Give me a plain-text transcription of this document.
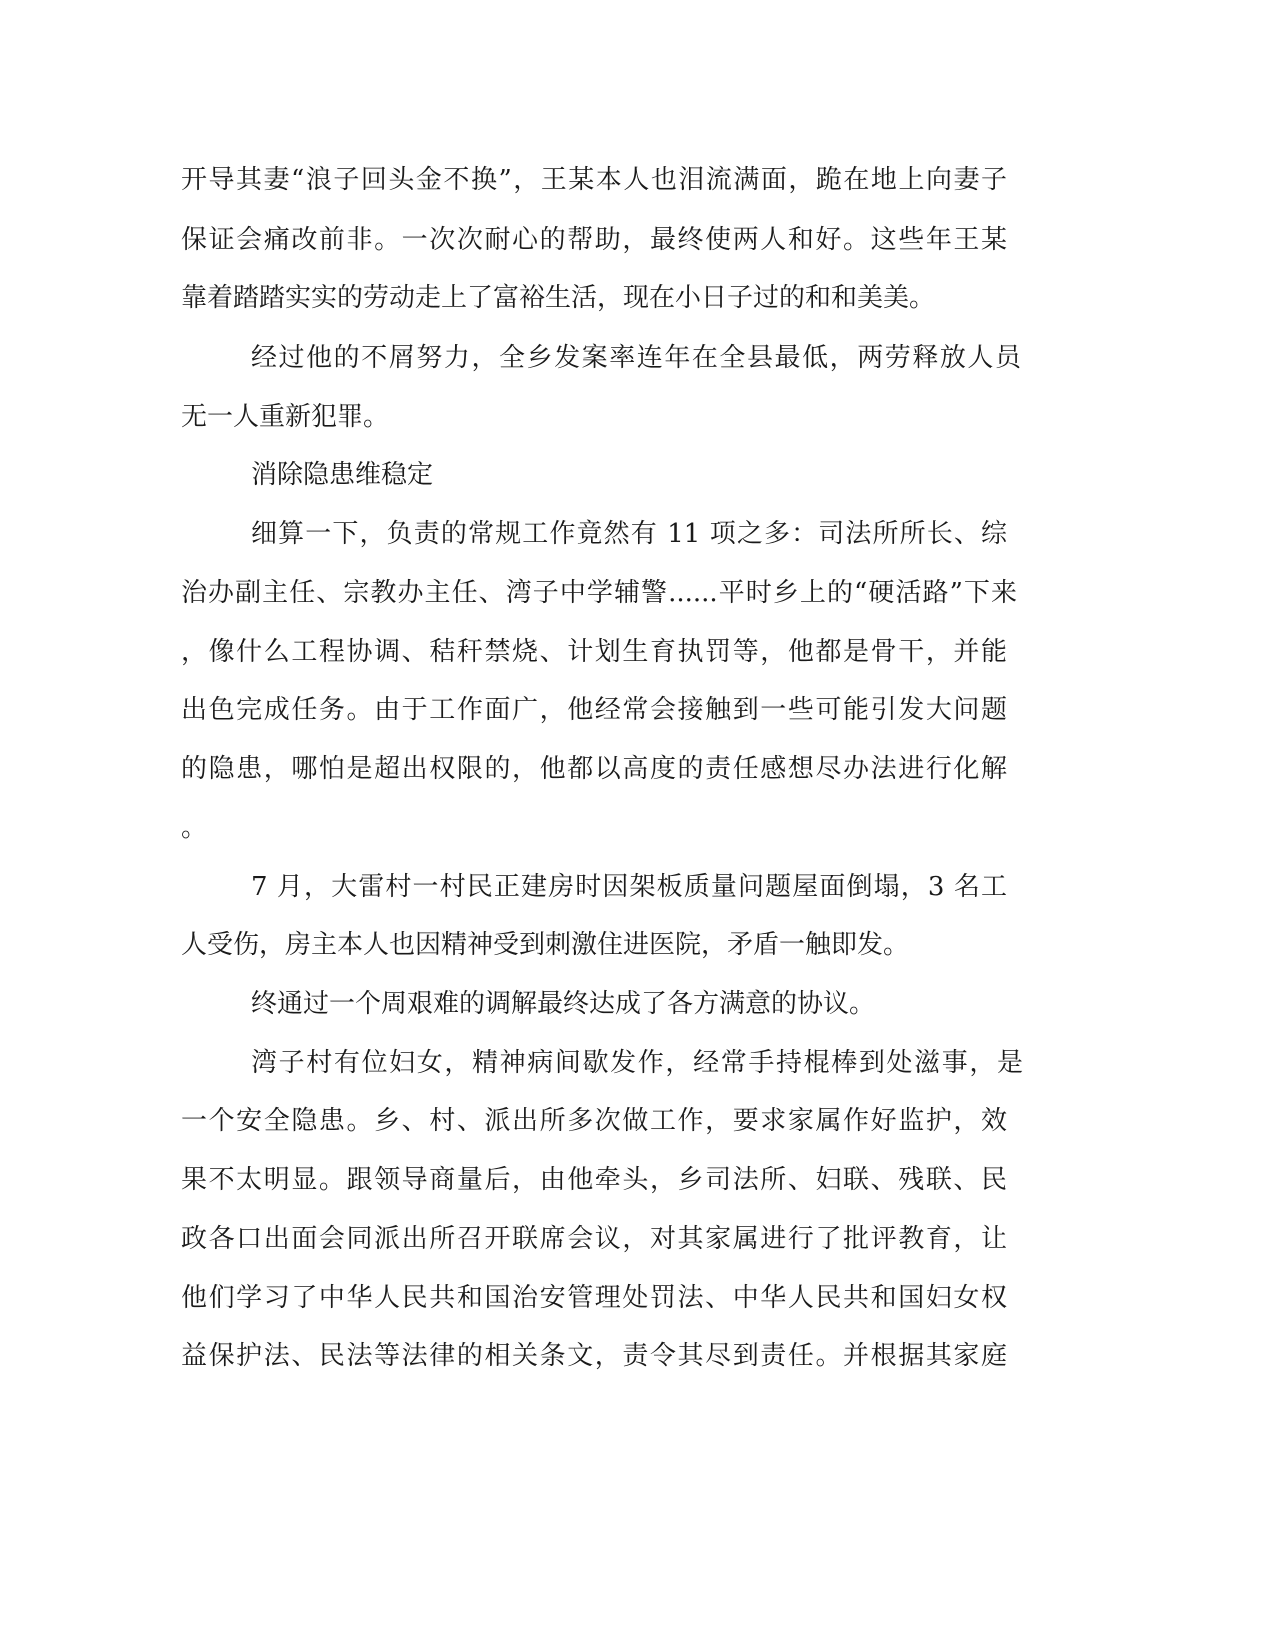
开导其妻“浪子回头金不换”，王某本人也泪流满面，跪在地上向妻子
保证会痛改前非。一次次耐心的帮助，最终使两人和好。这些年王某
靠着踏踏实实的劳动走上了富裕生活，现在小日子过的和和美美。
经过他的不屑努力，全乡发案率连年在全县最低，两劳释放人员
无一人重新犯罪。
消除隐患维稳定
细算一下，负责的常规工作竟然有 11 项之多：司法所所长、综
治办副主任、宗教办主任、湾子中学辅警......平时乡上的“硬活路”下来
，像什么工程协调、秸秆禁烧、计划生育执罚等，他都是骨干，并能
出色完成任务。由于工作面广，他经常会接触到一些可能引发大问题
的隐患，哪怕是超出权限的，他都以高度的责任感想尽办法进行化解
。
7 月，大雷村一村民正建房时因架板质量问题屋面倒塌，3 名工
人受伤，房主本人也因精神受到刺激住进医院，矛盾一触即发。
终通过一个周艰难的调解最终达成了各方满意的协议。
湾子村有位妇女，精神病间歇发作，经常手持棍棒到处滋事，是
一个安全隐患。乡、村、派出所多次做工作，要求家属作好监护，效
果不太明显。跟领导商量后，由他牵头，乡司法所、妇联、残联、民
政各口出面会同派出所召开联席会议，对其家属进行了批评教育，让
他们学习了中华人民共和国治安管理处罚法、中华人民共和国妇女权
益保护法、民法等法律的相关条文，责令其尽到责任。并根据其家庭
